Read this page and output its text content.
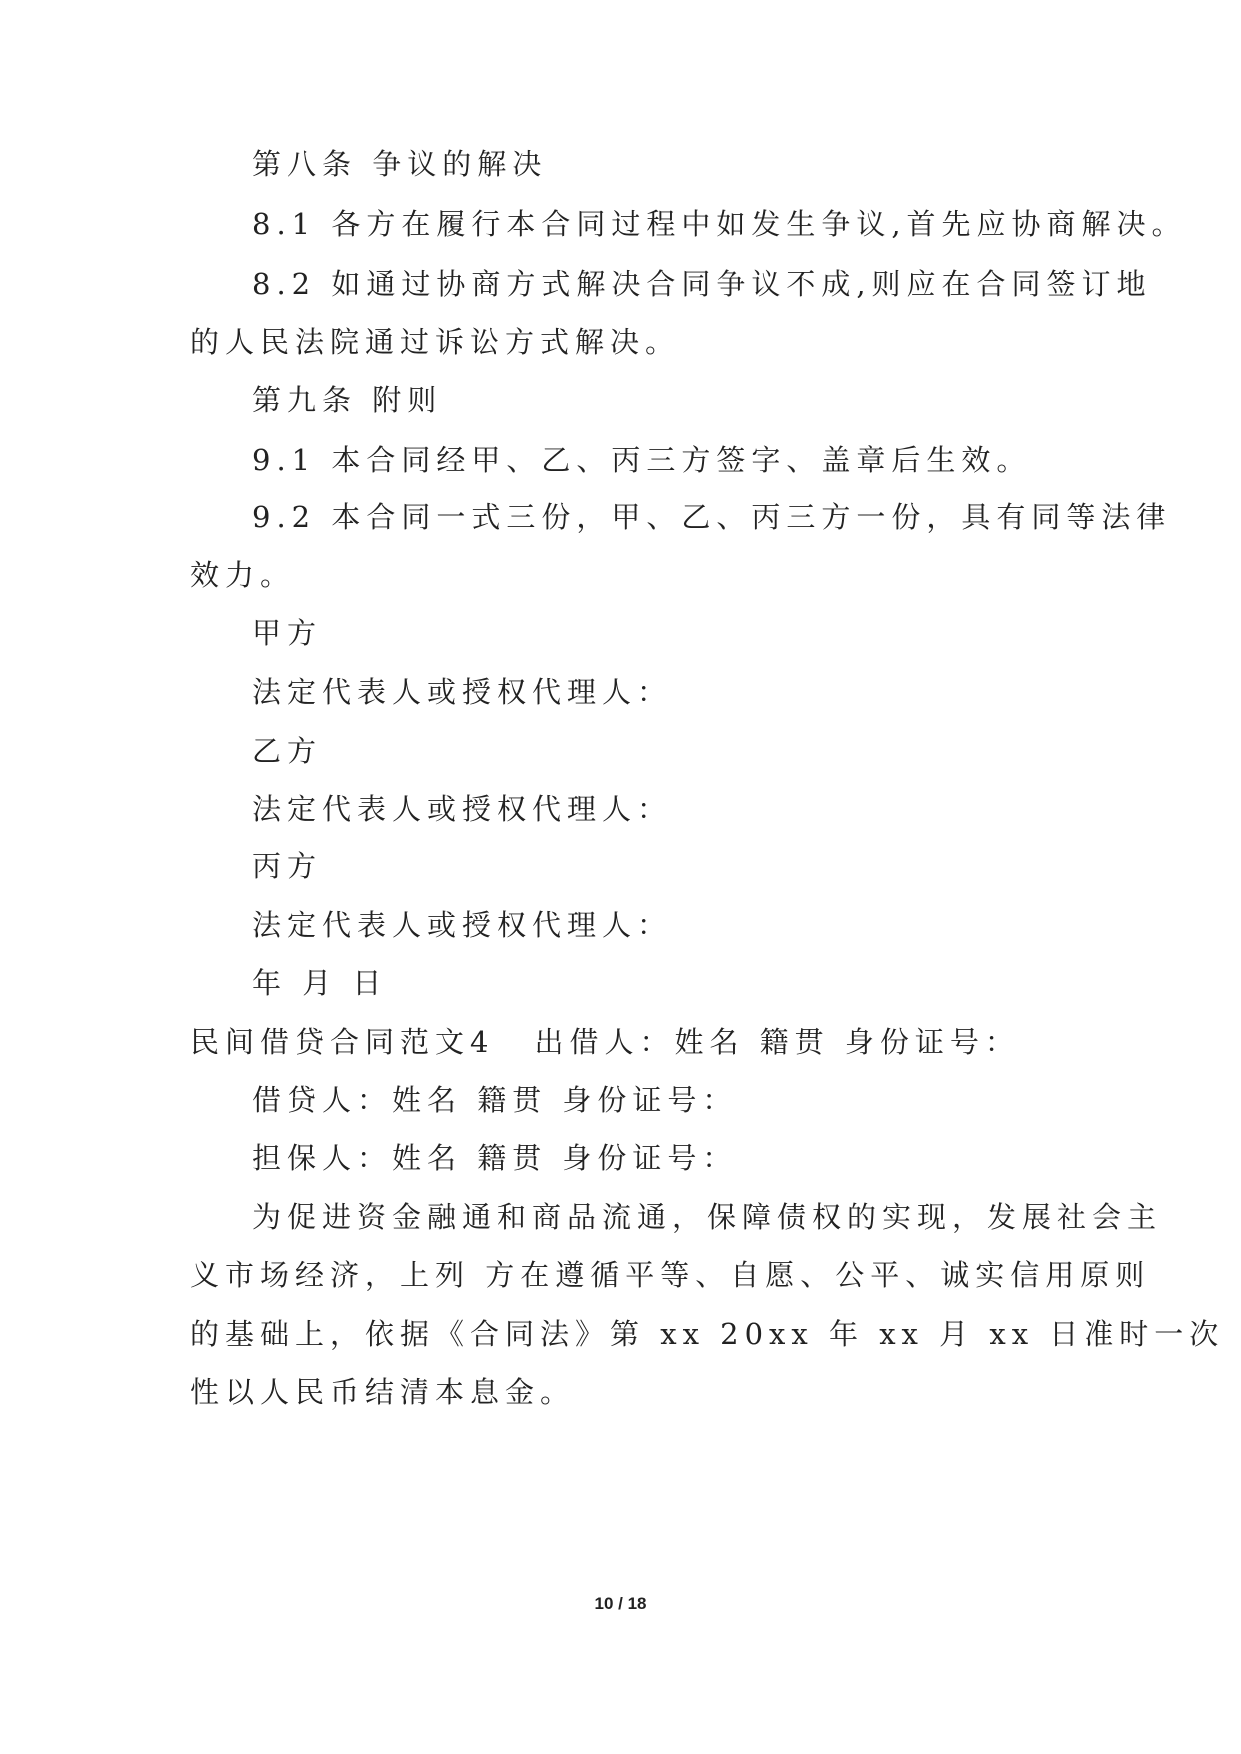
第八条 争议的解决
8.1 各方在履行本合同过程中如发生争议,首先应协商解决。
8.2 如通过协商方式解决合同争议不成,则应在合同签订地
的人民法院通过诉讼方式解决。
第九条 附则
9.1 本合同经甲、乙、丙三方签字、盖章后生效。
9.2 本合同一式三份，甲、乙、丙三方一份，具有同等法律
效力。
甲方
法定代表人或授权代理人：
乙方
法定代表人或授权代理人：
丙方
法定代表人或授权代理人：
年 月 日
民间借贷合同范文4 出借人：姓名 籍贯 身份证号：
借贷人：姓名 籍贯 身份证号：
担保人：姓名 籍贯 身份证号：
为促进资金融通和商品流通，保障债权的实现，发展社会主
义市场经济，上列 方在遵循平等、自愿、公平、诚实信用原则
的基础上，依据《合同法》第 xx 20xx 年 xx 月 xx 日准时一次
性以人民币结清本息金。
10 / 18
